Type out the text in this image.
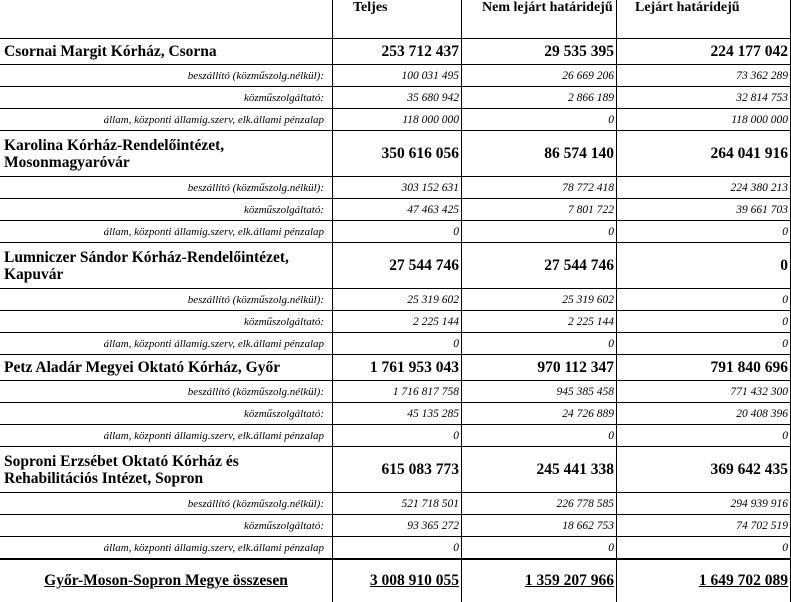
	Teljes	Nem lejárt határidejű	Lejárt határidejű
Csornai Margit Kórház, Csorna	253 712 437	29 535 395	224 177 042
beszállító (közműszolg.nélkül):	100 031 495	26 669 206	73 362 289
közműszolgáltató:	35 680 942	2 866 189	32 814 753
állam, központi államig.szerv, elk.állami pénzalap	118 000 000	0	118 000 000
Karolina Kórház-Rendelőintézet, Mosonmagyaróvár	350 616 056	86 574 140	264 041 916
beszállító (közműszolg.nélkül):	303 152 631	78 772 418	224 380 213
közműszolgáltató:	47 463 425	7 801 722	39 661 703
állam, központi államig.szerv, elk.állami pénzalap	0	0	0
Lumniczer Sándor Kórház-Rendelőintézet, Kapuvár	27 544 746	27 544 746	0
beszállító (közműszolg.nélkül):	25 319 602	25 319 602	0
közműszolgáltató:	2 225 144	2 225 144	0
állam, központi államig.szerv, elk.állami pénzalap	0	0	0
Petz Aladár Megyei Oktató Kórház, Győr	1 761 953 043	970 112 347	791 840 696
beszállító (közműszolg.nélkül):	1 716 817 758	945 385 458	771 432 300
közműszolgáltató:	45 135 285	24 726 889	20 408 396
állam, központi államig.szerv, elk.állami pénzalap	0	0	0
Soproni Erzsébet Oktató Kórház és Rehabilitációs Intézet, Sopron	615 083 773	245 441 338	369 642 435
beszállító (közműszolg.nélkül):	521 718 501	226 778 585	294 939 916
közműszolgáltató:	93 365 272	18 662 753	74 702 519
állam, központi államig.szerv, elk.állami pénzalap	0	0	0
Győr-Moson-Sopron Megye összesen	3 008 910 055	1 359 207 966	1 649 702 089
